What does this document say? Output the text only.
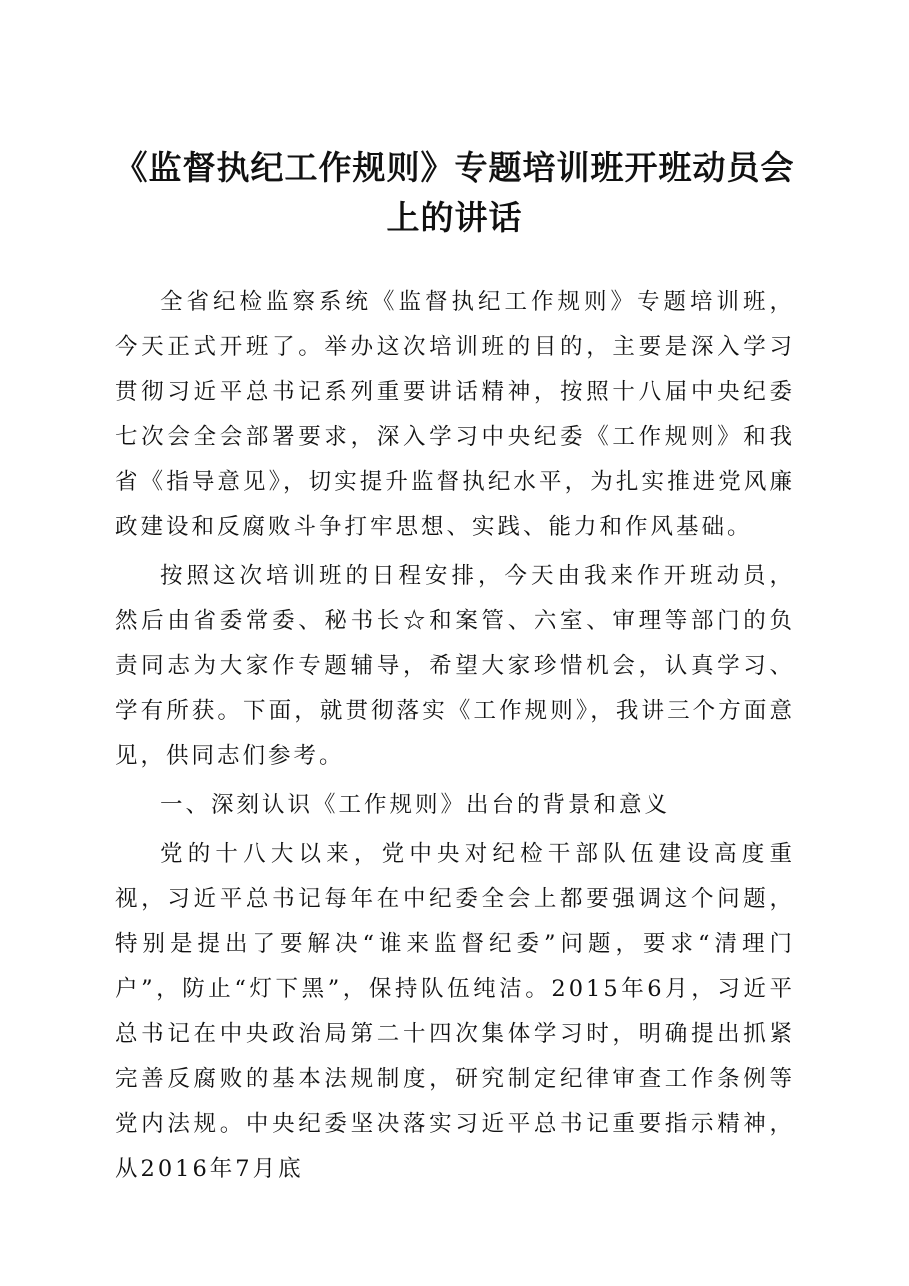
《监督执纪工作规则》专题培训班开班动员会
上的讲话

全省纪检监察系统《监督执纪工作规则》专题培训班，今天正式开班了。举办这次培训班的目的，主要是深入学习贯彻习近平总书记系列重要讲话精神，按照十八届中央纪委七次会全会部署要求，深入学习中央纪委《工作规则》和我省《指导意见》，切实提升监督执纪水平，为扎实推进党风廉政建设和反腐败斗争打牢思想、实践、能力和作风基础。

按照这次培训班的日程安排，今天由我来作开班动员，然后由省委常委、秘书长☆和案管、六室、审理等部门的负责同志为大家作专题辅导，希望大家珍惜机会，认真学习、学有所获。下面，就贯彻落实《工作规则》，我讲三个方面意见，供同志们参考。

一、深刻认识《工作规则》出台的背景和意义

党的十八大以来，党中央对纪检干部队伍建设高度重视，习近平总书记每年在中纪委全会上都要强调这个问题，特别是提出了要解决“谁来监督纪委”问题，要求“清理门户”，防止“灯下黑”，保持队伍纯洁。2015年6月，习近平总书记在中央政治局第二十四次集体学习时，明确提出抓紧完善反腐败的基本法规制度，研究制定纪律审查工作条例等党内法规。中央纪委坚决落实习近平总书记重要指示精神，从2016年7月底
